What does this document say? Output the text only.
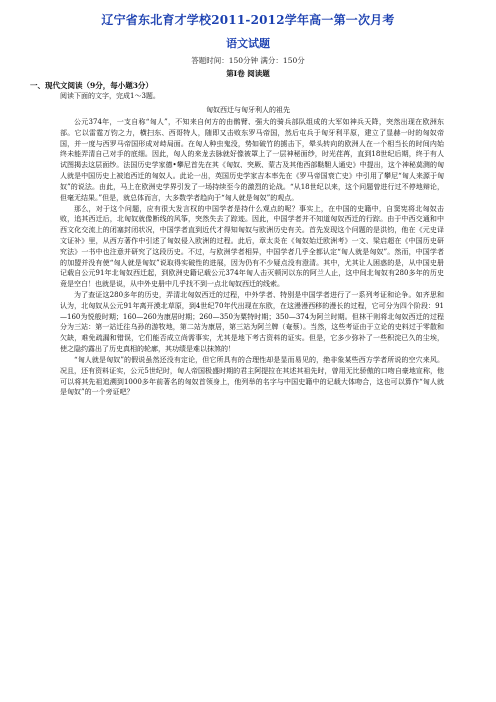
辽宁省东北育才学校2011-2012学年高一第一次月考
语文试题
答题时间：150分钟 满分：150分
第Ⅰ卷 阅读题
一、现代文阅读（9分，每小题3分）
阅读下面的文字，完成1～3题。
匈奴西迁与匈牙利人的祖先

公元374年，一支自称“匈人”，不知来自何方的由鹘臂、强大的骑兵部队组成的大军如神兵天降，突然出现在欧洲东部。它以雷霆万钧之力，横扫东、西哥特人，随即又击败东罗马帝国，然后屯兵于匈牙利平原，建立了显赫一时的匈奴帝国，并一度与西罗马帝国形成对峙局面。在匈人种虫鬼没，势如破竹的掳击下，晕头转向的欧洲人在一个相当长的时间内始终未能弄清自己对手的底细。因此，匈人的来龙去脉就好像被罩上了一层神秘面纱，时光荏苒，直到18世纪后期，终于有人试图揭去这层面纱。法国历史学家德•攀尼首先在其《匈奴、突厥、蒙古及其他西部鞑靼人通史》中提出，这个神秘莫测的匈人就是中国历史上被追西迁的匈奴人。此论一出，英国历史学家吉本率先在《罗马帝国衰亡史》中引用了攀尼“匈人来源于匈奴”的说法。由此，马上在欧洲史学界引发了一场持续至今的激烈的论战。“从18世纪以来，这个问题曾进行过不停地辩论，但毫无结果。”但是，就总体而言，大多数学者趋向于“匈人就是匈奴”的观点。

那么，对于这个问题，应有很大发言权的中国学者是持什么观点的呢？事实上，在中国的史籍中，自窦宪将北匈奴击败，追其西迁后，北匈奴就像断线的风筝，突然失去了踪迹。因此，中国学者并不知道匈奴西迁的行踪。由于中西交通和中西文化交流上的闭塞封闭状况，中国学者直到近代才得知匈奴与欧洲历史有关。首先发现这个问题的是洪钧，他在《元史译文证补》里，从西方著作中引述了匈奴侵入欧洲的过程。此后，章太炎在《匈奴始迁欧洲考》一文、梁启超在《中国历史研究法》一书中也注意并研究了这段历史。不过，与欧洲学者相异，中国学者几乎全都认定“匈人就是匈奴”。然而，中国学者的加盟并没有使“匈人就是匈奴”说取得实破性的进展，因为仍有不少疑点没有澄清。其中，尤其让人困惑的是，从中国史册记载自公元91年北匈奴西迁起，到欧洲史籍记载公元374年匈人击灭顿河以东的阿兰人止，这中间北匈奴有280多年的历史竟是空白！也就是说，从中外史册中几乎找不到一点北匈奴西迁的线索。

为了查证这280多年的历史，弄清北匈奴西迁的过程，中外学者、特别是中国学者进行了一系列考证和论争。如齐思和认为，北匈奴从公元91年离开漠北草原，到4世纪70年代出现在东欧，在这漫漫西移的漫长的过程，它可分为四个阶段：91—160为悦般时期；160—260为康居时期；260—350为粟特时期；350—374为阿兰时期。但林干则将北匈奴西迁的过程分为三站：第一站迁往乌孙的游牧地，第二站为康居，第三站为阿兰牌（奄蔡）。当然，这些考证由于立论的史料过于零散和欠缺，难免疏漏和错误，它们能否成立尚需事实，尤其是地下考古资料的证实。但是，它多少弥补了一些积淀已久的尘埃，使之隐约露出了历史真相的轮廓，其功绩是难以抹煞的！

“匈人就是匈奴”的假说虽然还没有定论，但它所具有的合理性却是显而易见的，绝非象某些西方学者所说的空穴来风。况且，还有资料证实，公元5世纪时，匈人帝国极盛时期的君主阿提拉在其述其祖先时，曾用无比骄傲的口吻自豪地宣称，他可以将其先祖追溯到1000多年前著名的匈奴首领身上，他列举的名字与中国史籍中的记载大体吻合，这也可以算作“匈人就是匈奴”的一个旁证吧？
